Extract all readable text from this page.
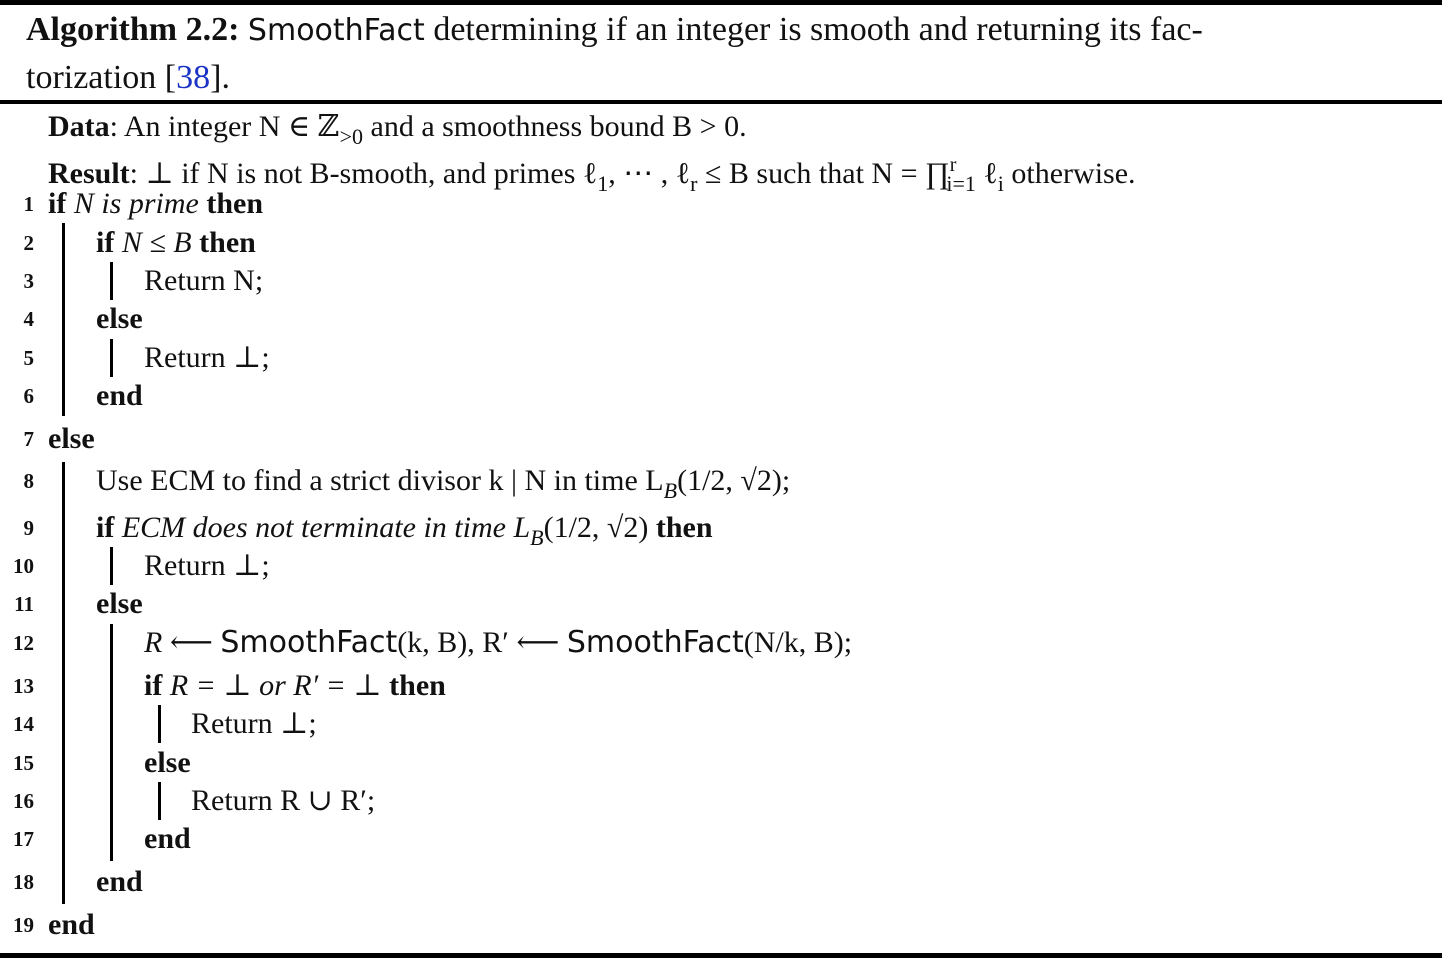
Algorithm 2.2: SmoothFact determining if an integer is smooth and returning its fac-
torization [38].
Data: An integer N ∈ ℤ$_{>0}$ and a smoothness bound B > 0.
Result: ⊥ if N is not B-smooth, and primes ℓ$_1$, ⋯ , ℓ$_r$ ≤ B such that N = ∏$^r_{i=1}$ ℓ$_i$ otherwise.
1 if N is prime then
2 if N ≤ B then
3	Return N;
4 else
5	Return ⊥;
6 end
7 else
8 Use ECM to find a strict divisor k | N in time $L_B(1/2$, √2);
9 if ECM does not terminate in time $L_B(1/2$, √2) then
10	Return ⊥;
11 else
12	R ⟵ SmoothFact(k, B), R′ ⟵ SmoothFact(N/k, B);
13	if R = ⊥ or R′ = ⊥ then
14	Return ⊥;
15	else
16	Return R ∪ R′;
17	end
18 end
19 end
